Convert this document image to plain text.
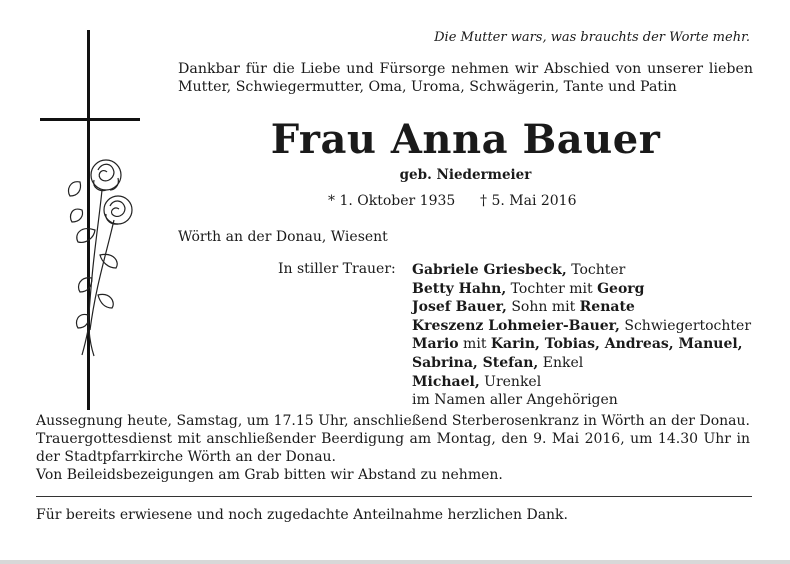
Die Mutter wars, was brauchts der Worte mehr.
Dankbar für die Liebe und Fürsorge nehmen wir Abschied von unserer lieben Mutter, Schwiegermutter, Oma, Uroma, Schwägerin, Tante und Patin
Frau Anna Bauer
geb. Niedermeier
* 1. Oktober 1935 † 5. Mai 2016
Wörth an der Donau, Wiesent
In stiller Trauer: Gabriele Griesbeck, Tochter
Betty Hahn, Tochter mit Georg
Josef Bauer, Sohn mit Renate
Kreszenz Lohmeier-Bauer, Schwiegertochter
Mario mit Karin, Tobias, Andreas, Manuel,
Sabrina, Stefan, Enkel
Michael, Urenkel
im Namen aller Angehörigen
Aussegnung heute, Samstag, um 17.15 Uhr, anschließend Sterberosenkranz in Wörth an der Donau. Trauergottesdienst mit anschließender Beerdigung am Montag, den 9. Mai 2016, um 14.30 Uhr in der Stadtpfarrkirche Wörth an der Donau.
Von Beileidsbezeigungen am Grab bitten wir Abstand zu nehmen.
Für bereits erwiesene und noch zugedachte Anteilnahme herzlichen Dank.
